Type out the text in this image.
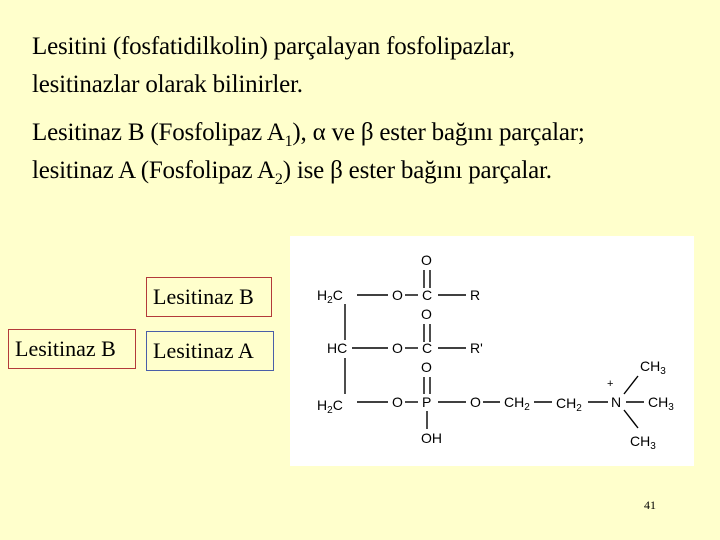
Lesitini (fosfatidilkolin) parçalayan fosfolipazlar,
lesitinazlar olarak bilinirler.

Lesitinaz B (Fosfolipaz $A_1$), α ve β ester bağını parçalar;
lesitinaz A (Fosfolipaz $A_2$) ise β ester bağını parçalar.

Lesitinaz B
Lesitinaz B	Lesitinaz A
O
$H_2C$	O C	R
O
HC	O C	R'
O
$H_2C$	O P	O $CH_2$ $CH_2$
+
N
$CH_3$
$CH_3$
$CH_3$
OH
41
